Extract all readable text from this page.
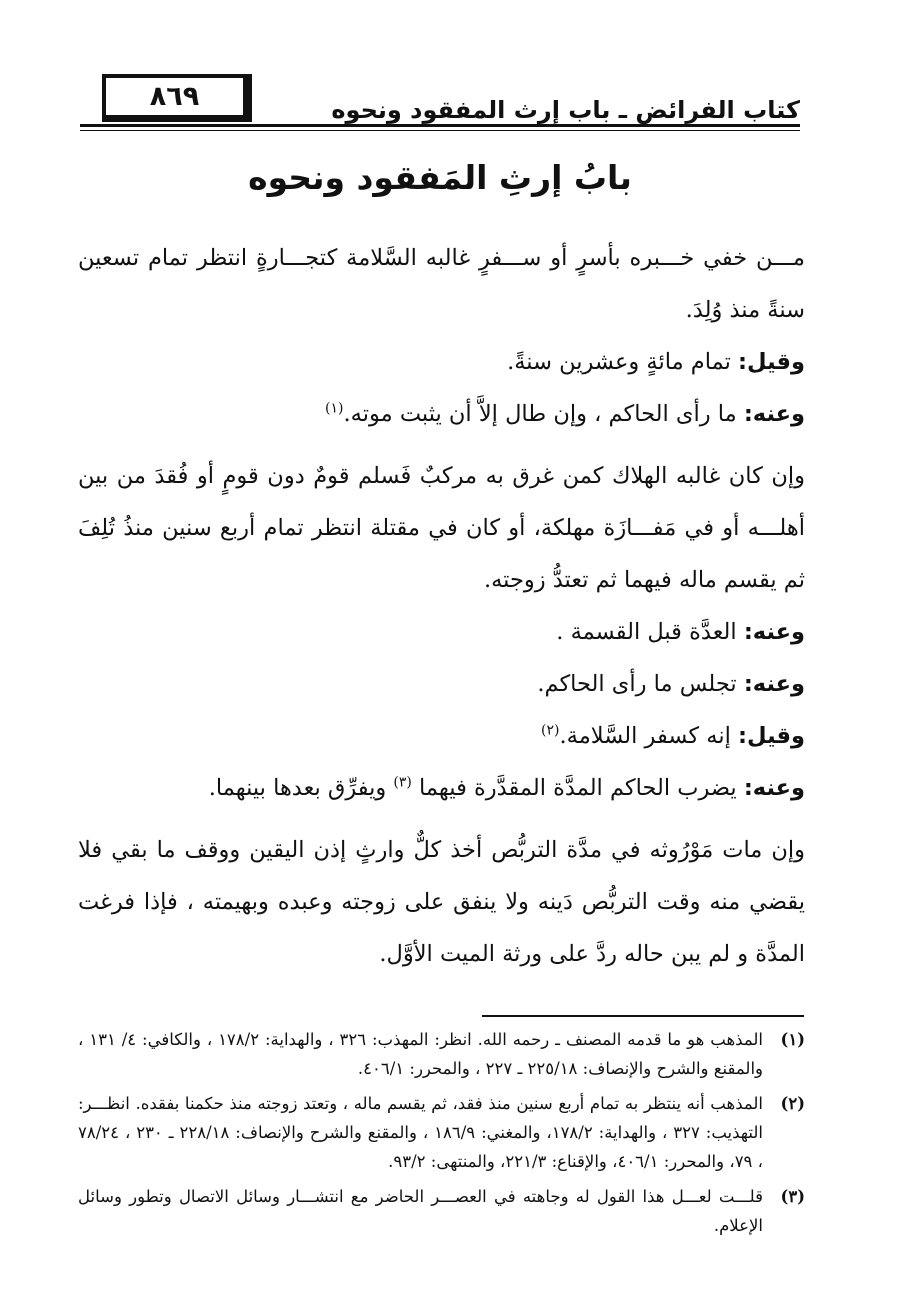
٨٦٩	كتاب الفرائض ـ باب إرث المفقود ونحوه
بابُ إرثِ المَفقود ونحوه

مـــن خفي خـــبره بأسرٍ أو ســـفرٍ غالبه السَّلامة كتجـــارةٍ انتظر تمام تسعين سنةً منذ وُلِدَ.

وقيل: تمام مائةٍ وعشرين سنةً.

وعنه: ما رأى الحاكم ، وإن طال إلاَّ أن يثبت موته.$^{(١)}$

وإن كان غالبه الهلاك كمن غرق به مركبٌ فَسلم قومٌ دون قومٍ أو فُقدَ من بين أهلـــه أو في مَفـــازَة مهلكة، أو كان في مقتلة انتظر تمام أربع سنين منذُ تُلِفَ ثم يقسم ماله فيهما ثم تعتدُّ زوجته.

وعنه: العدَّة قبل القسمة .

وعنه: تجلس ما رأى الحاكم.

وقيل: إنه كسفر السَّلامة.$^{(٢)}$

وعنه: يضرب الحاكم المدَّة المقدَّرة فيهما $^{(٣)}$ ويفرِّق بعدها بينهما.

وإن مات مَوْرُوثه في مدَّة التربُّص أخذ كلٌّ وارثٍ إذن اليقين ووقف ما بقي فلا يقضي منه وقت التربُّص دَينه ولا ينفق على زوجته وعبده وبهيمته ، فإذا فرغت المدَّة و لم يبن حاله ردَّ على ورثة الميت الأوَّل.

(١)
المذهب هو ما قدمه المصنف ـ رحمه الله. انظر: المهذب: ٣٢٦ ، والهداية: ١٧٨/٢ ، والكافي: ٤/ ١٣١ ، والمقنع والشرح والإنصاف: ٢٢٥/١٨ ـ ٢٢٧ ، والمحرر: ٤٠٦/١.
(٢)
المذهب أنه ينتظر به تمام أربع سنين منذ فقد، ثم يقسم ماله ، وتعتد زوجته منذ حكمنا بفقده. انظـــر: التهذيب: ٣٢٧ ، والهداية: ١٧٨/٢، والمغني: ١٨٦/٩ ، والمقنع والشرح والإنصاف: ٢٢٨/١٨ ـ ٢٣٠ ، ٧٨/٢٤ ، ٧٩، والمحرر: ٤٠٦/١، والإقناع: ٢٢١/٣، والمنتهى: ٩٣/٢.
(٣)
قلـــت لعـــل هذا القول له وجاهته في العصـــر الحاضر مع انتشـــار وسائل الاتصال وتطور وسائل الإعلام.
